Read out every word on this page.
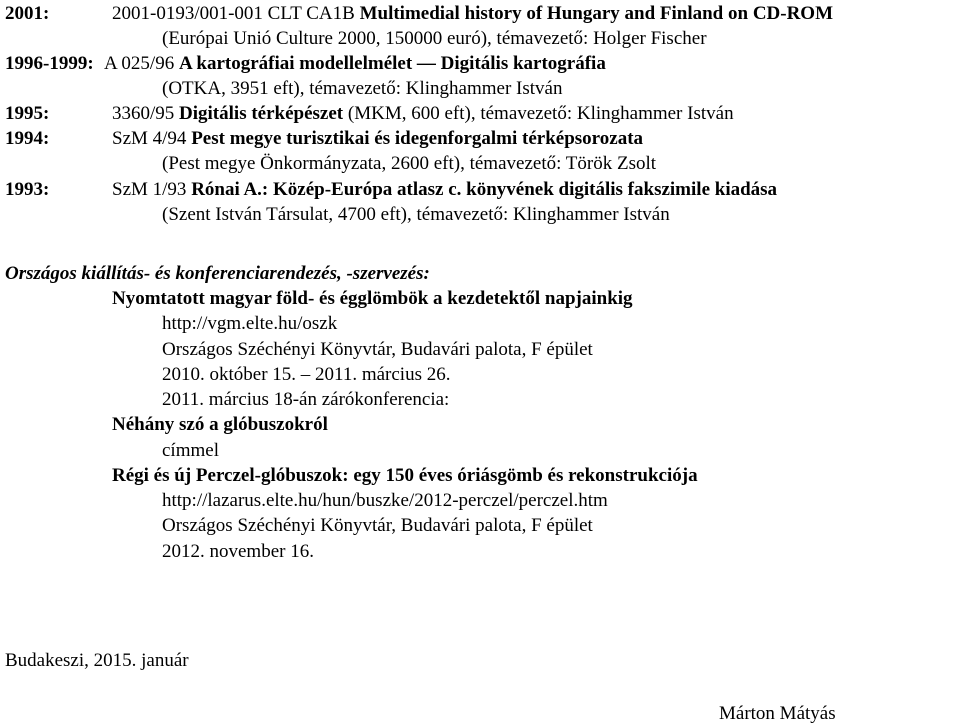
2001:	2001-0193/001-001 CLT CA1B Multimedial history of Hungary and Finland on CD-ROM
(Európai Unió Culture 2000, 150000 euró), témavezető: Holger Fischer
1996-1999: A 025/96 A kartográfiai modellelmélet — Digitális kartográfia
(OTKA, 3951 eft), témavezető: Klinghammer István
1995:	3360/95 Digitális térképészet (MKM, 600 eft), témavezető: Klinghammer István
1994:	SzM 4/94 Pest megye turisztikai és idegenforgalmi térképsorozata
(Pest megye Önkormányzata, 2600 eft), témavezető: Török Zsolt
1993:	SzM 1/93 Rónai A.: Közép-Európa atlasz c. könyvének digitális fakszimile kiadása
(Szent István Társulat, 4700 eft), témavezető: Klinghammer István
Országos kiállítás- és konferenciarendezés, -szervezés:
Nyomtatott magyar föld- és égglömbök a kezdetektől napjainkig
http://vgm.elte.hu/oszk
Országos Széchényi Könyvtár, Budavári palota, F épület
2010. október 15. – 2011. március 26.
2011. március 18-án zárókonferencia:
Néhány szó a glóbuszokról
címmel
Régi és új Perczel-glóbuszok: egy 150 éves óriásgömb és rekonstrukciója
http://lazarus.elte.hu/hun/buszke/2012-perczel/perczel.htm
Országos Széchényi Könyvtár, Budavári palota, F épület
2012. november 16.
Budakeszi, 2015. január
Márton Mátyás
